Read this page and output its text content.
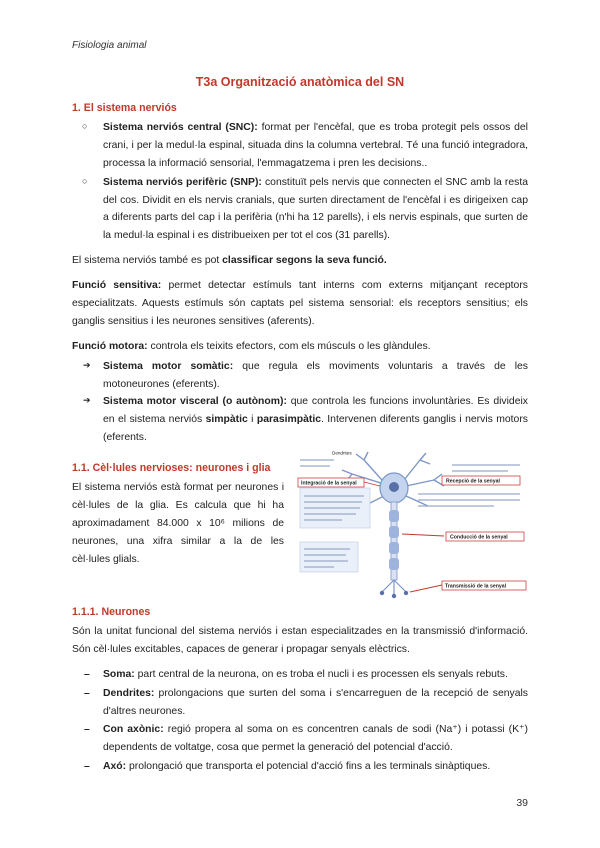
Fisiologia animal
T3a Organització anatòmica del SN
1. El sistema nerviós
○ Sistema nerviós central (SNC): format per l'encèfal, que es troba protegit pels ossos del crani, i per la medul·la espinal, situada dins la columna vertebral. Té una funció integradora, processa la informació sensorial, l'emmagatzema i pren les decisions..
○ Sistema nerviós perifèric (SNP): constituït pels nervis que connecten el SNC amb la resta del cos. Dividit en els nervis cranials, que surten directament de l'encèfal i es dirigeixen cap a diferents parts del cap i la perifèria (n'hi ha 12 parells), i els nervis espinals, que surten de la medul·la espinal i es distribueixen per tot el cos (31 parells).

El sistema nerviós també es pot classificar segons la seva funció.

Funció sensitiva: permet detectar estímuls tant interns com externs mitjançant receptors especialitzats. Aquests estímuls són captats pel sistema sensorial: els receptors sensitius; els ganglis sensitius i les neurones sensitives (aferents).

Funció motora: controla els teixits efectors, com els músculs o les glàndules.

➔ Sistema motor somàtic: que regula els moviments voluntaris a través de les motoneurones (eferents).
➔ Sistema motor visceral (o autònom): que controla les funcions involuntàries. Es divideix en el sistema nerviós simpàtic i parasimpàtic. Intervenen diferents ganglis i nervis motors (eferents.
1.1. Cèl·lules nervioses: neurones i glia

El sistema nerviós està format per neurones i cèl·lules de la glia. Es calcula que hi ha aproximadament 84.000 x 10⁶ milions de neurones, una xifra similar a la de les cèl·lules glials.

Dendrites
Recepció de la senyal
Integració de la senyal
Conducció de la senyal
Transmissió de la senyal
1.1.1. Neurones

Són la unitat funcional del sistema nerviós i estan especialitzades en la transmissió d'informació. Són cèl·lules excitables, capaces de generar i propagar senyals elèctrics.

– Soma: part central de la neurona, on es troba el nucli i es processen els senyals rebuts.
– Dendrites: prolongacions que surten del soma i s'encarreguen de la recepció de senyals d'altres neurones.
– Con axònic: regió propera al soma on es concentren canals de sodi (Na⁺) i potassi (K⁺) dependents de voltatge, cosa que permet la generació del potencial d'acció.
– Axó: prolongació que transporta el potencial d'acció fins a les terminals sinàptiques.
39
